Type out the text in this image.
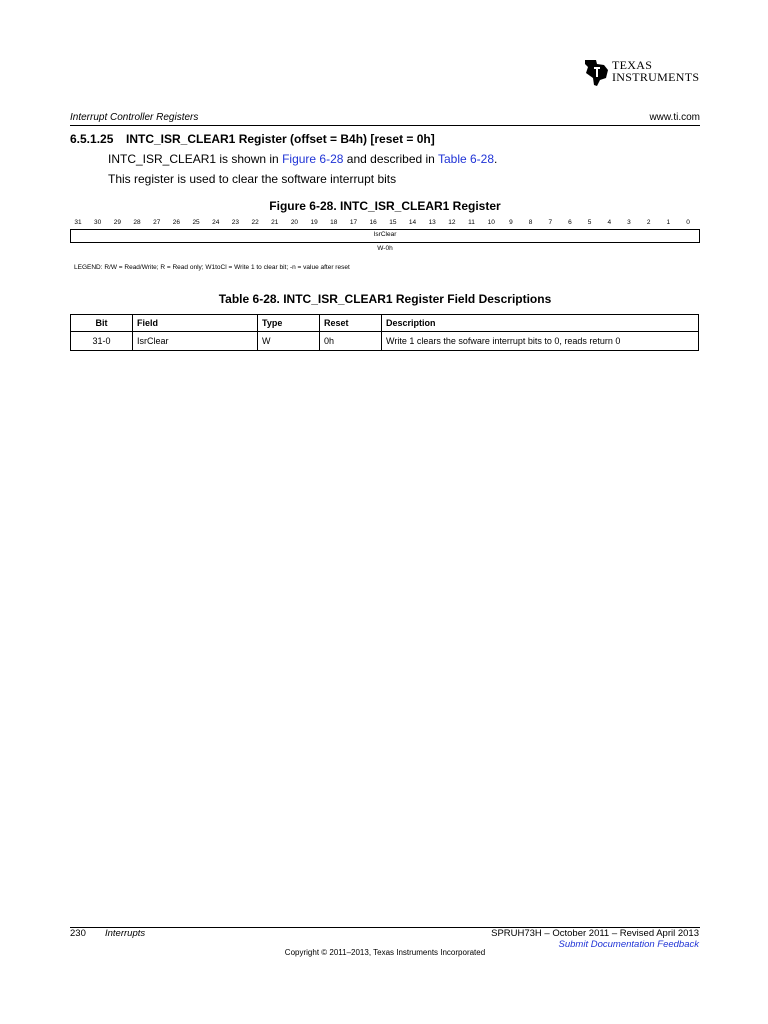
TEXAS
INSTRUMENTS
Interrupt Controller Registers	www.ti.com
6.5.1.25 INTC_ISR_CLEAR1 Register (offset = B4h) [reset = 0h]
INTC_ISR_CLEAR1 is shown in Figure 6-28 and described in Table 6-28.
This register is used to clear the software interrupt bits
Figure 6-28. INTC_ISR_CLEAR1 Register
31 30 29 28 27 26 25 24 23 22 21 20 19 18 17 16 15 14 13 12 11 10 9 8 7 6 5 4 3 2 1 0
IsrClear
W-0h
LEGEND: R/W = Read/Write; R = Read only; W1toCl = Write 1 to clear bit; -n = value after reset
Table 6-28. INTC_ISR_CLEAR1 Register Field Descriptions
Bit	Field	Type	Reset	Description
31-0	IsrClear	W	0h	Write 1 clears the sofware interrupt bits to 0, reads return 0
230 Interrupts	SPRUH73H – October 2011 – Revised April 2013
Submit Documentation Feedback
Copyright © 2011–2013, Texas Instruments Incorporated
